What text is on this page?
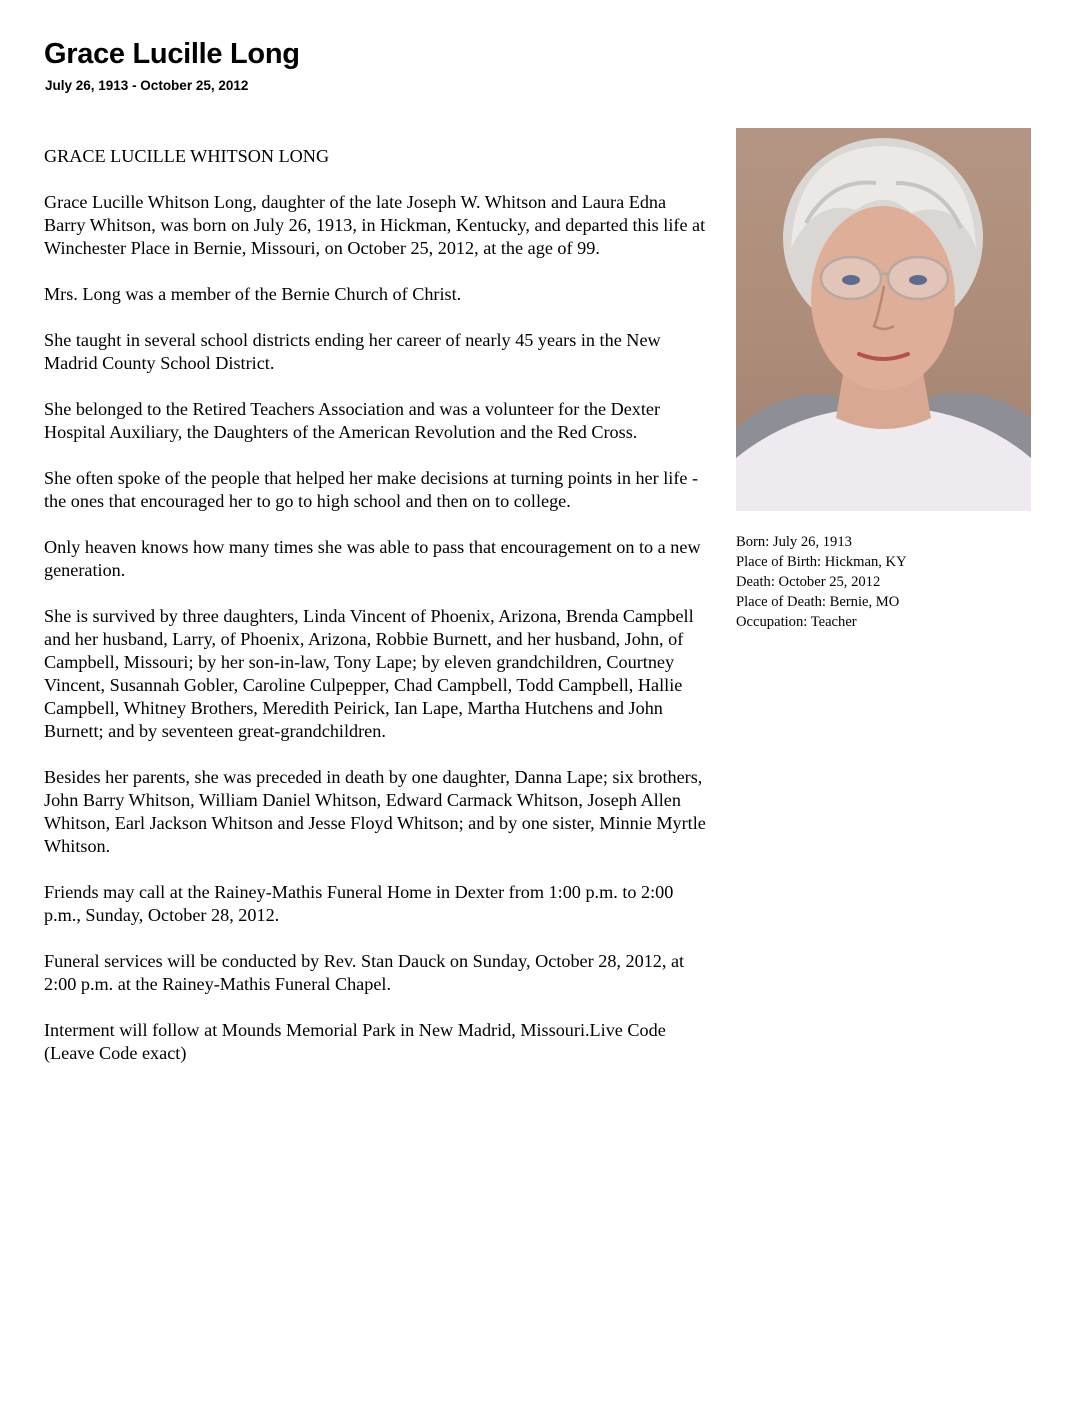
Grace Lucille Long
July 26, 1913 - October 25, 2012

GRACE LUCILLE WHITSON LONG

Grace Lucille Whitson Long, daughter of the late Joseph W. Whitson and Laura Edna Barry Whitson, was born on July 26, 1913, in Hickman, Kentucky, and departed this life at Winchester Place in Bernie, Missouri, on October 25, 2012, at the age of 99.

Mrs. Long was a member of the Bernie Church of Christ.

She taught in several school districts ending her career of nearly 45 years in the New Madrid County School District.

She belonged to the Retired Teachers Association and was a volunteer for the Dexter Hospital Auxiliary, the Daughters of the American Revolution and the Red Cross.

She often spoke of the people that helped her make decisions at turning points in her life - the ones that encouraged her to go to high school and then on to college.

Only heaven knows how many times she was able to pass that encouragement on to a new generation.

She is survived by three daughters, Linda Vincent of Phoenix, Arizona, Brenda Campbell and her husband, Larry, of Phoenix, Arizona, Robbie Burnett, and her husband, John, of Campbell, Missouri; by her son-in-law, Tony Lape; by eleven grandchildren, Courtney Vincent, Susannah Gobler, Caroline Culpepper, Chad Campbell, Todd Campbell, Hallie Campbell, Whitney Brothers, Meredith Peirick, Ian Lape, Martha Hutchens and John Burnett; and by seventeen great-grandchildren.

Besides her parents, she was preceded in death by one daughter, Danna Lape; six brothers, John Barry Whitson, William Daniel Whitson, Edward Carmack Whitson, Joseph Allen Whitson, Earl Jackson Whitson and Jesse Floyd Whitson; and by one sister, Minnie Myrtle Whitson.

Friends may call at the Rainey-Mathis Funeral Home in Dexter from 1:00 p.m. to 2:00 p.m., Sunday, October 28, 2012.

Funeral services will be conducted by Rev. Stan Dauck on Sunday, October 28, 2012, at 2:00 p.m. at the Rainey-Mathis Funeral Chapel.

Interment will follow at Mounds Memorial Park in New Madrid, Missouri.Live Code (Leave Code exact)

Born: July 26, 1913
Place of Birth: Hickman, KY
Death: October 25, 2012
Place of Death: Bernie, MO
Occupation: Teacher
